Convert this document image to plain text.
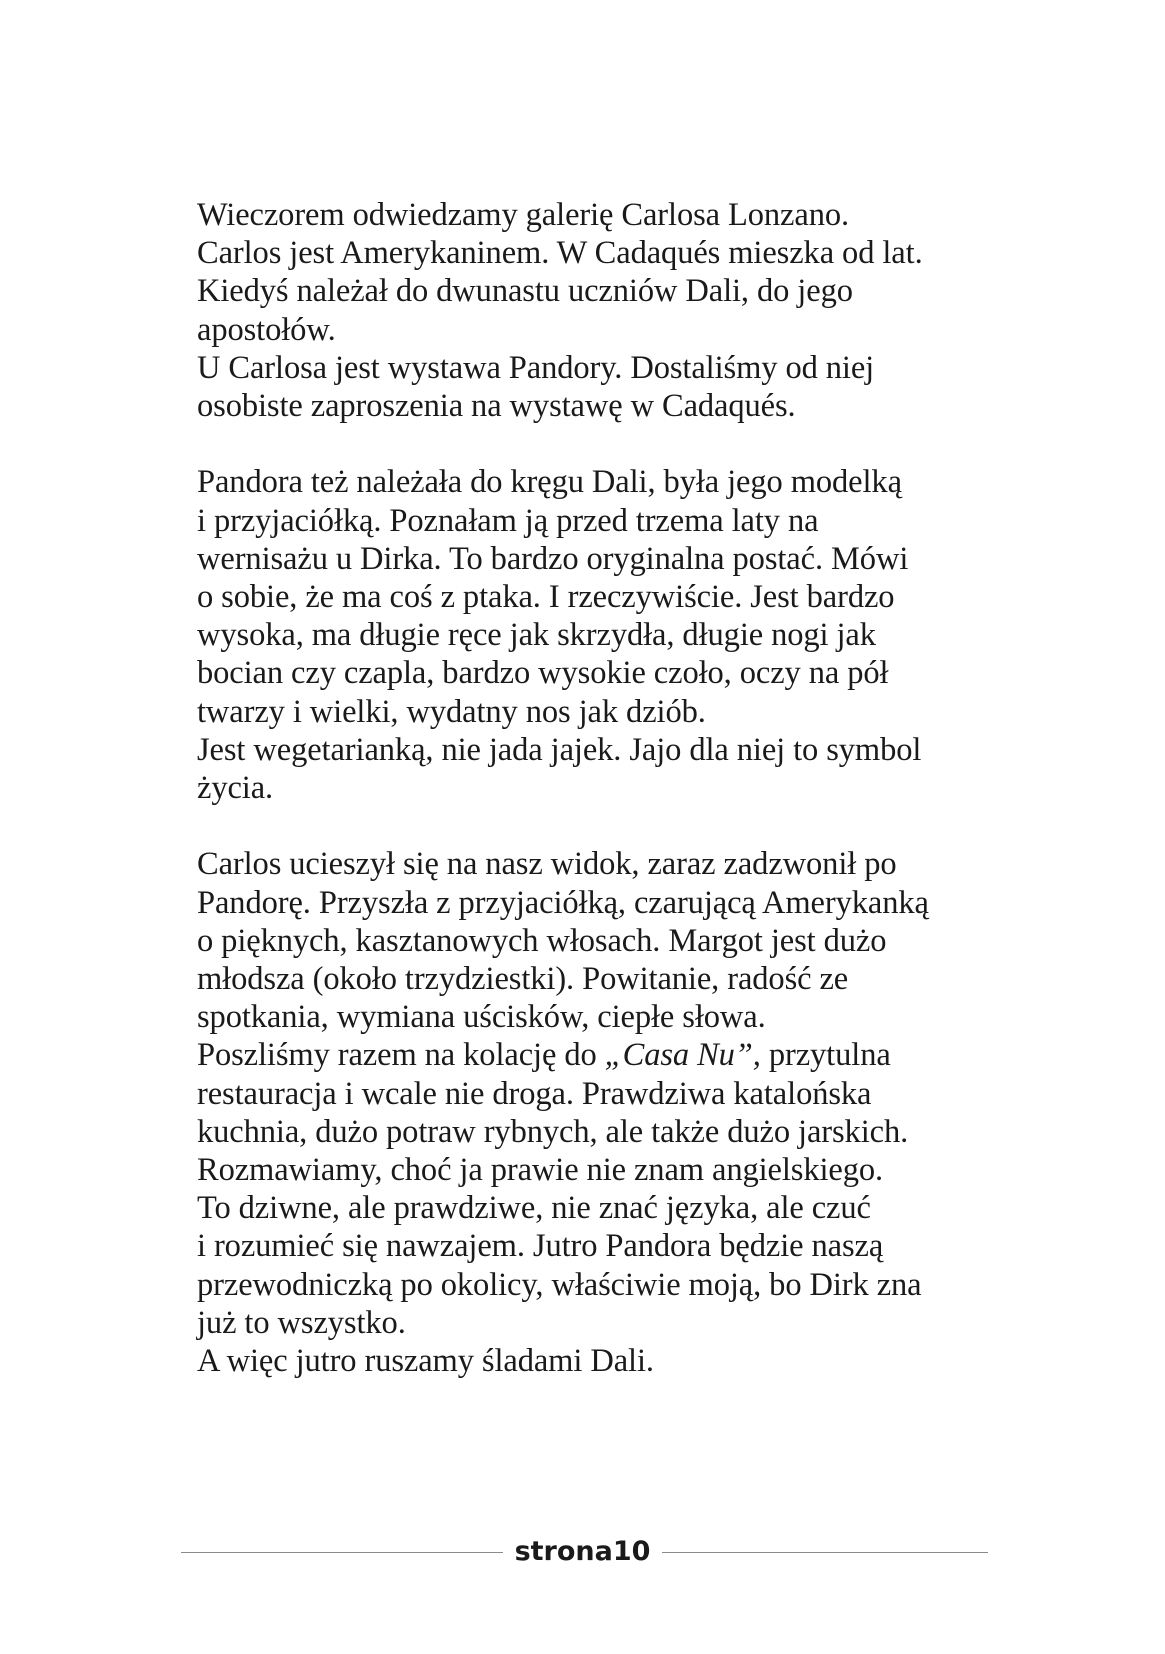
Wieczorem odwiedzamy galerię Carlosa Lonzano.
Carlos jest Amerykaninem. W Cadaqués mieszka od lat.
Kiedyś należał do dwunastu uczniów Dali, do jego
apostołów.
U Carlosa jest wystawa Pandory. Dostaliśmy od niej
osobiste zaproszenia na wystawę w Cadaqués.
Pandora też należała do kręgu Dali, była jego modelką
i przyjaciółką. Poznałam ją przed trzema laty na
wernisażu u Dirka. To bardzo oryginalna postać. Mówi
o sobie, że ma coś z ptaka. I rzeczywiście. Jest bardzo
wysoka, ma długie ręce jak skrzydła, długie nogi jak
bocian czy czapla, bardzo wysokie czoło, oczy na pół
twarzy i wielki, wydatny nos jak dziób.
Jest wegetarianką, nie jada jajek. Jajo dla niej to symbol
życia.
Carlos ucieszył się na nasz widok, zaraz zadzwonił po
Pandorę. Przyszła z przyjaciółką, czarującą Amerykanką
o pięknych, kasztanowych włosach. Margot jest dużo
młodsza (około trzydziestki). Powitanie, radość ze
spotkania, wymiana uścisków, ciepłe słowa.
Poszliśmy razem na kolację do „Casa Nu”, przytulna
restauracja i wcale nie droga. Prawdziwa katalońska
kuchnia, dużo potraw rybnych, ale także dużo jarskich.
Rozmawiamy, choć ja prawie nie znam angielskiego.
To dziwne, ale prawdziwe, nie znać języka, ale czuć
i rozumieć się nawzajem. Jutro Pandora będzie naszą
przewodniczką po okolicy, właściwie moją, bo Dirk zna
już to wszystko.
A więc jutro ruszamy śladami Dali.
strona10
